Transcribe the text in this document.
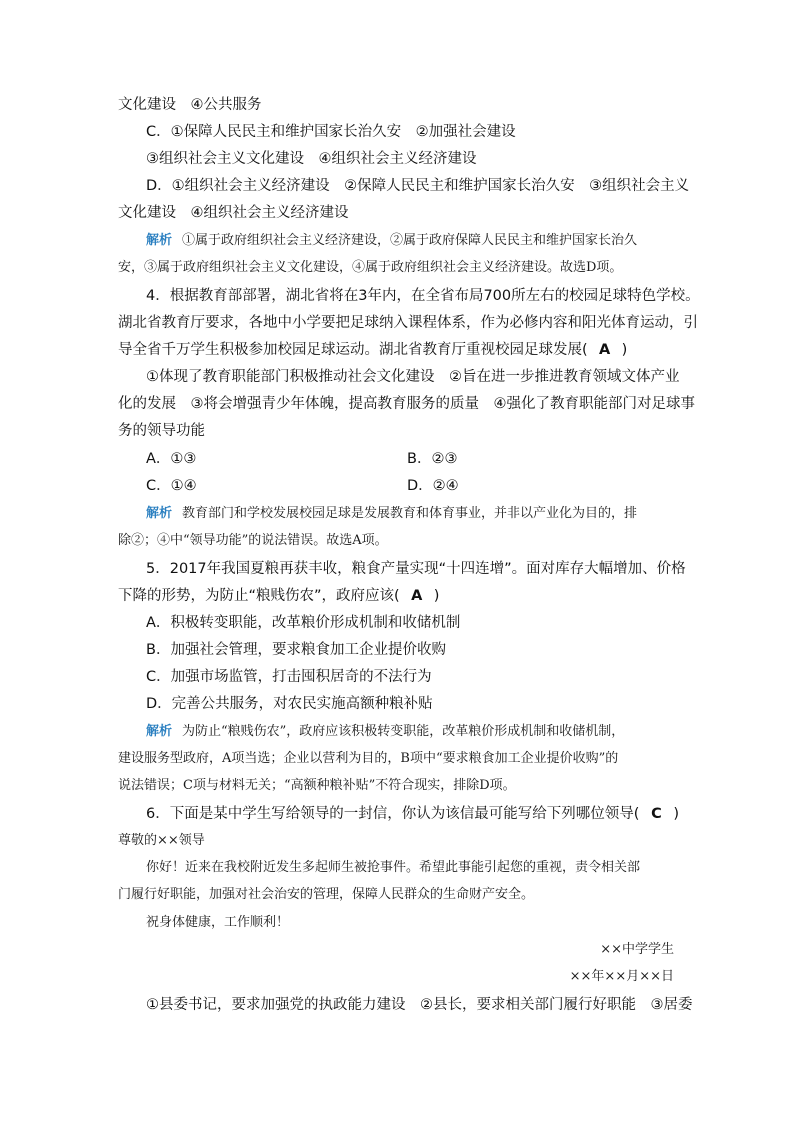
文化建设　④公共服务
C．①保障人民民主和维护国家长治久安　②加强社会建设
③组织社会主义文化建设　④组织社会主义经济建设
D．①组织社会主义经济建设　②保障人民民主和维护国家长治久安　③组织社会主义
文化建设　④组织社会主义经济建设
解析 ①属于政府组织社会主义经济建设，②属于政府保障人民民主和维护国家长治久
安，③属于政府组织社会主义文化建设，④属于政府组织社会主义经济建设。故选D项。
4．根据教育部部署，湖北省将在3年内，在全省布局700所左右的校园足球特色学校。
湖北省教育厅要求，各地中小学要把足球纳入课程体系，作为必修内容和阳光体育运动，引
导全省千万学生积极参加校园足球运动。湖北省教育厅重视校园足球发展( A )
①体现了教育职能部门积极推动社会文化建设　②旨在进一步推进教育领域文体产业
化的发展　③将会增强青少年体魄，提高教育服务的质量　④强化了教育职能部门对足球事
务的领导功能
A．①③	B．②③
C．①④	D．②④
解析 教育部门和学校发展校园足球是发展教育和体育事业，并非以产业化为目的，排
除②；④中“领导功能”的说法错误。故选A项。
5．2017年我国夏粮再获丰收，粮食产量实现“十四连增”。面对库存大幅增加、价格
下降的形势，为防止“粮贱伤农”，政府应该( A )
A．积极转变职能，改革粮价形成机制和收储机制
B．加强社会管理，要求粮食加工企业提价收购
C．加强市场监管，打击囤积居奇的不法行为
D．完善公共服务，对农民实施高额种粮补贴
解析 为防止“粮贱伤农”，政府应该积极转变职能，改革粮价形成机制和收储机制，
建设服务型政府，A项当选；企业以营利为目的，B项中“要求粮食加工企业提价收购”的
说法错误；C项与材料无关；“高额种粮补贴”不符合现实，排除D项。
6．下面是某中学生写给领导的一封信，你认为该信最可能写给下列哪位领导( C )
尊敬的××领导
你好！近来在我校附近发生多起师生被抢事件。希望此事能引起您的重视，责令相关部
门履行好职能，加强对社会治安的管理，保障人民群众的生命财产安全。
祝身体健康，工作顺利！
××中学学生
××年××月××日
①县委书记，要求加强党的执政能力建设　②县长，要求相关部门履行好职能　③居委
